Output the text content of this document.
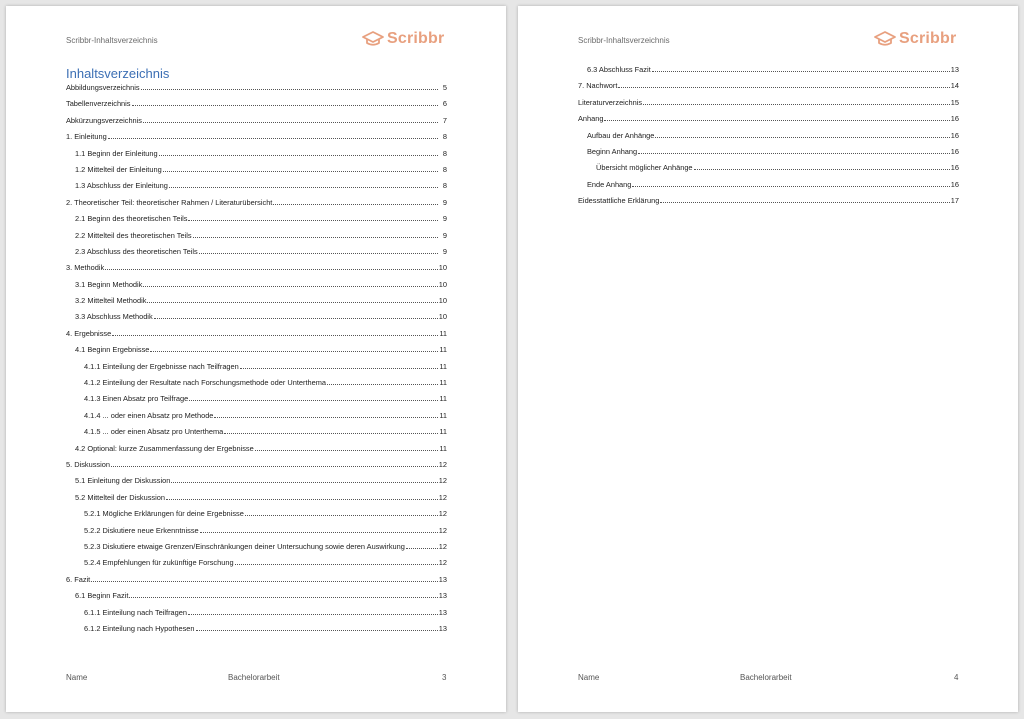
Scribbr-Inhaltsverzeichnis	Scribbr
Inhaltsverzeichnis
Abbildungsverzeichnis	5
Tabellenverzeichnis	6
Abkürzungsverzeichnis	7
1. Einleitung	8
1.1 Beginn der Einleitung	8
1.2 Mittelteil der Einleitung	8
1.3 Abschluss der Einleitung	8
2. Theoretischer Teil: theoretischer Rahmen / Literaturübersicht	9
2.1 Beginn des theoretischen Teils	9
2.2 Mittelteil des theoretischen Teils	9
2.3 Abschluss des theoretischen Teils	9
3. Methodik	10
3.1 Beginn Methodik	10
3.2 Mittelteil Methodik	10
3.3 Abschluss Methodik	10
4. Ergebnisse	11
4.1 Beginn Ergebnisse	11
4.1.1 Einteilung der Ergebnisse nach Teilfragen	11
4.1.2 Einteilung der Resultate nach Forschungsmethode oder Unterthema	11
4.1.3 Einen Absatz pro Teilfrage	11
4.1.4 ... oder einen Absatz pro Methode	11
4.1.5 ... oder einen Absatz pro Unterthema	11
4.2 Optional: kurze Zusammenfassung der Ergebnisse	11
5. Diskussion	12
5.1 Einleitung der Diskussion	12
5.2 Mittelteil der Diskussion	12
5.2.1 Mögliche Erklärungen für deine Ergebnisse	12
5.2.2 Diskutiere neue Erkenntnisse	12
5.2.3 Diskutiere etwaige Grenzen/Einschränkungen deiner Untersuchung sowie deren Auswirkung	12
5.2.4 Empfehlungen für zukünftige Forschung	12
6. Fazit	13
6.1 Beginn Fazit	13
6.1.1 Einteilung nach Teilfragen	13
6.1.2 Einteilung nach Hypothesen	13
Name	Bachelorarbeit	3
Scribbr-Inhaltsverzeichnis	Scribbr
6.3 Abschluss Fazit	13
7. Nachwort	14
Literaturverzeichnis	15
Anhang	16
Aufbau der Anhänge	16
Beginn Anhang	16
Übersicht möglicher Anhänge	16
Ende Anhang	16
Eidesstattliche Erklärung	17
Name	Bachelorarbeit	4
